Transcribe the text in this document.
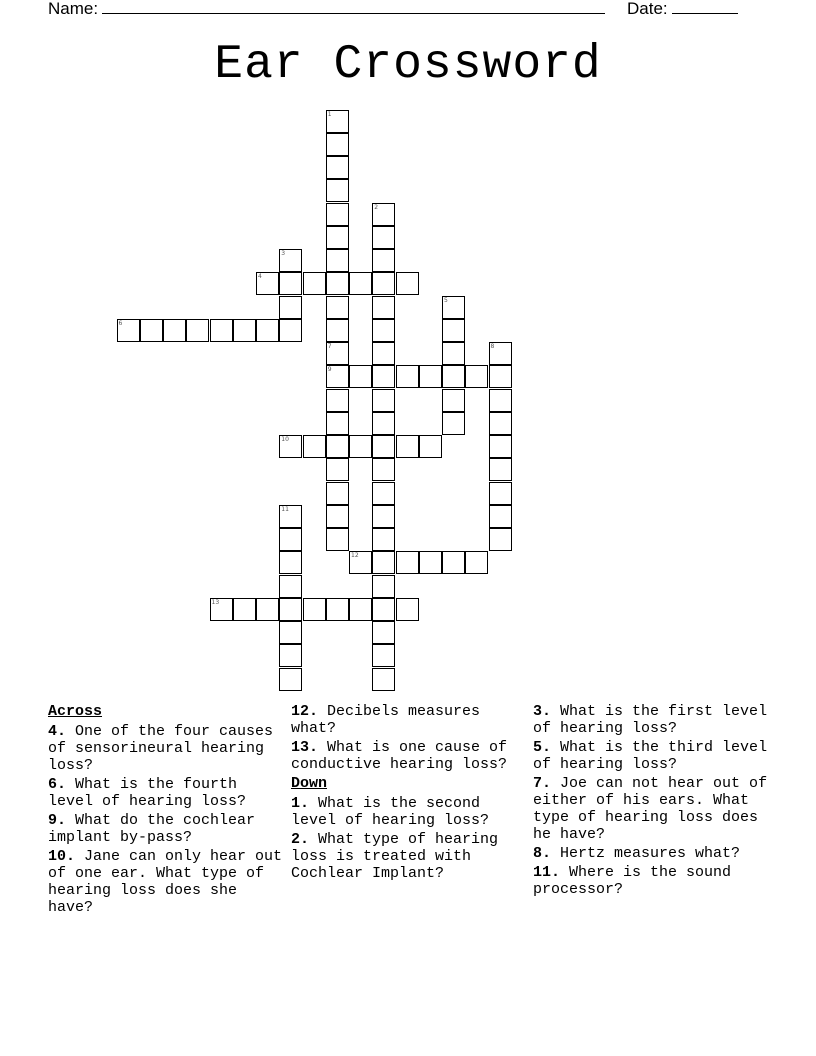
Name:	Date:
Ear Crossword
1
2
3
4
5
6
7
9
8
10
11
12
13
Across
4. One of the four causes of sensorineural hearing loss?
6. What is the fourth level of hearing loss?
9. What do the cochlear implant by-pass?
10. Jane can only hear out of one ear. What type of hearing loss does she have?
12. Decibels measures what?
13. What is one cause of conductive hearing loss?
Down
1. What is the second level of hearing loss?
2. What type of hearing loss is treated with Cochlear Implant?
3. What is the first level of hearing loss?
5. What is the third level of hearing loss?
7. Joe can not hear out of either of his ears. What type of hearing loss does he have?
8. Hertz measures what?
11. Where is the sound processor?
